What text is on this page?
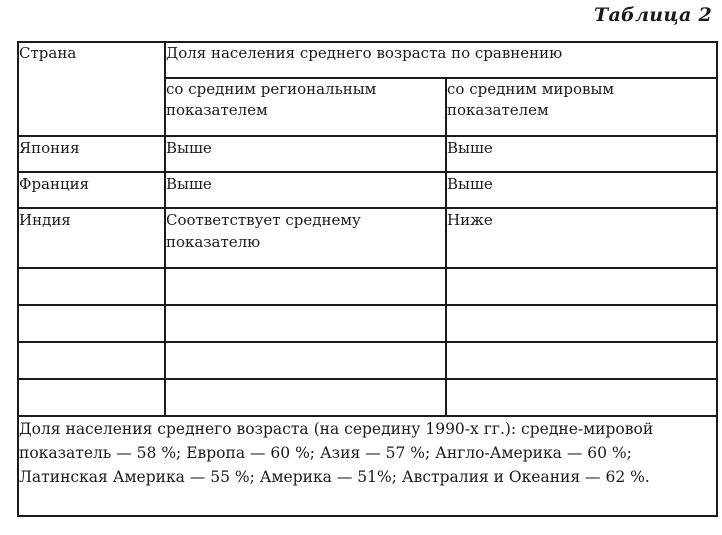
Таблица 2
Страна	Доля населения среднего возраста по сравнению	
	со средним региональным показателем	со средним мировым показателем
Япония	Выше	Выше
Франция	Выше	Выше
Индия	Соответствует среднему показателю	Ниже

Доля населения среднего возраста (на середину 1990-х гг.): средне-мировой показатель — 58 %; Европа — 60 %; Азия — 57 %; Англо-Америка — 60 %; Латинская Америка — 55 %; Америка — 51%; Австралия и Океания — 62 %.		
